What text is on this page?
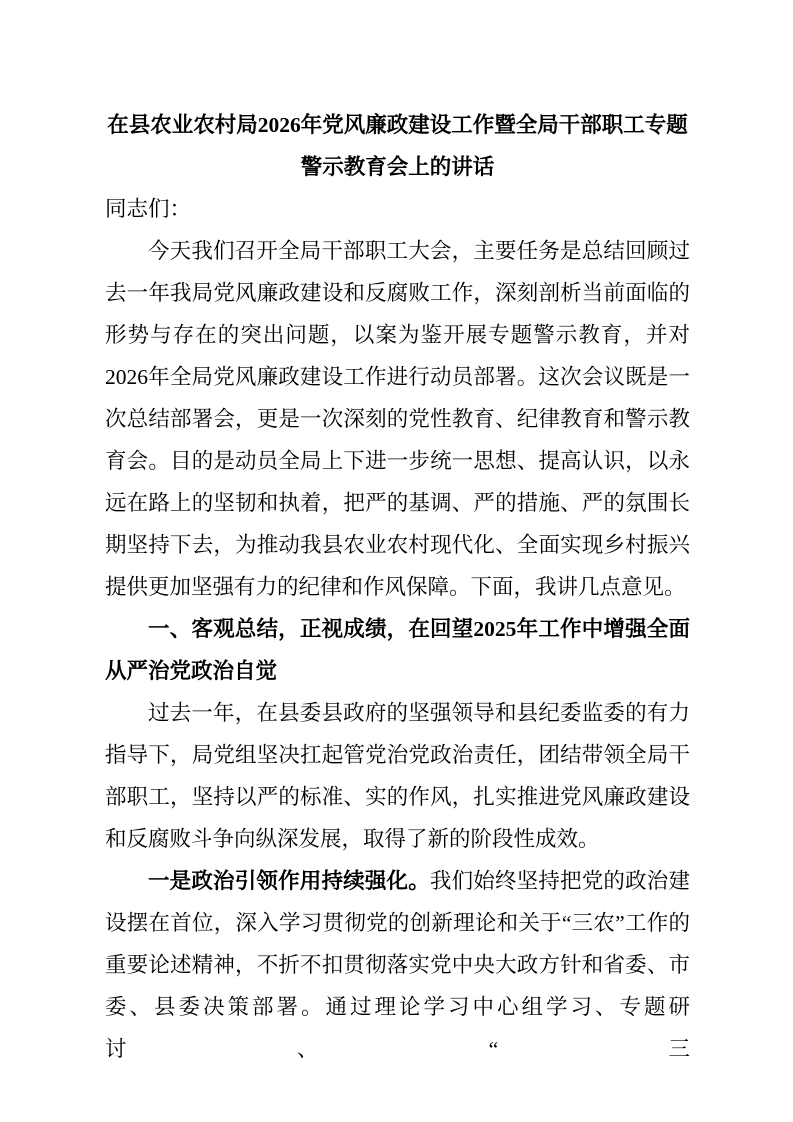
在县农业农村局2026年党风廉政建设工作暨全局干部职工专题
警示教育会上的讲话

同志们：

今天我们召开全局干部职工大会，主要任务是总结回顾过去一年我局党风廉政建设和反腐败工作，深刻剖析当前面临的形势与存在的突出问题，以案为鉴开展专题警示教育，并对2026年全局党风廉政建设工作进行动员部署。这次会议既是一次总结部署会，更是一次深刻的党性教育、纪律教育和警示教育会。目的是动员全局上下进一步统一思想、提高认识，以永远在路上的坚韧和执着，把严的基调、严的措施、严的氛围长期坚持下去，为推动我县农业农村现代化、全面实现乡村振兴提供更加坚强有力的纪律和作风保障。下面，我讲几点意见。

一、客观总结，正视成绩，在回望2025年工作中增强全面从严治党政治自觉

过去一年，在县委县政府的坚强领导和县纪委监委的有力指导下，局党组坚决扛起管党治党政治责任，团结带领全局干部职工，坚持以严的标准、实的作风，扎实推进党风廉政建设和反腐败斗争向纵深发展，取得了新的阶段性成效。

一是政治引领作用持续强化。我们始终坚持把党的政治建设摆在首位，深入学习贯彻党的创新理论和关于“三农”工作的重要论述精神，不折不扣贯彻落实党中央大政方针和省委、市委、县委决策部署。通过理论学习中心组学习、专题研讨、“三
